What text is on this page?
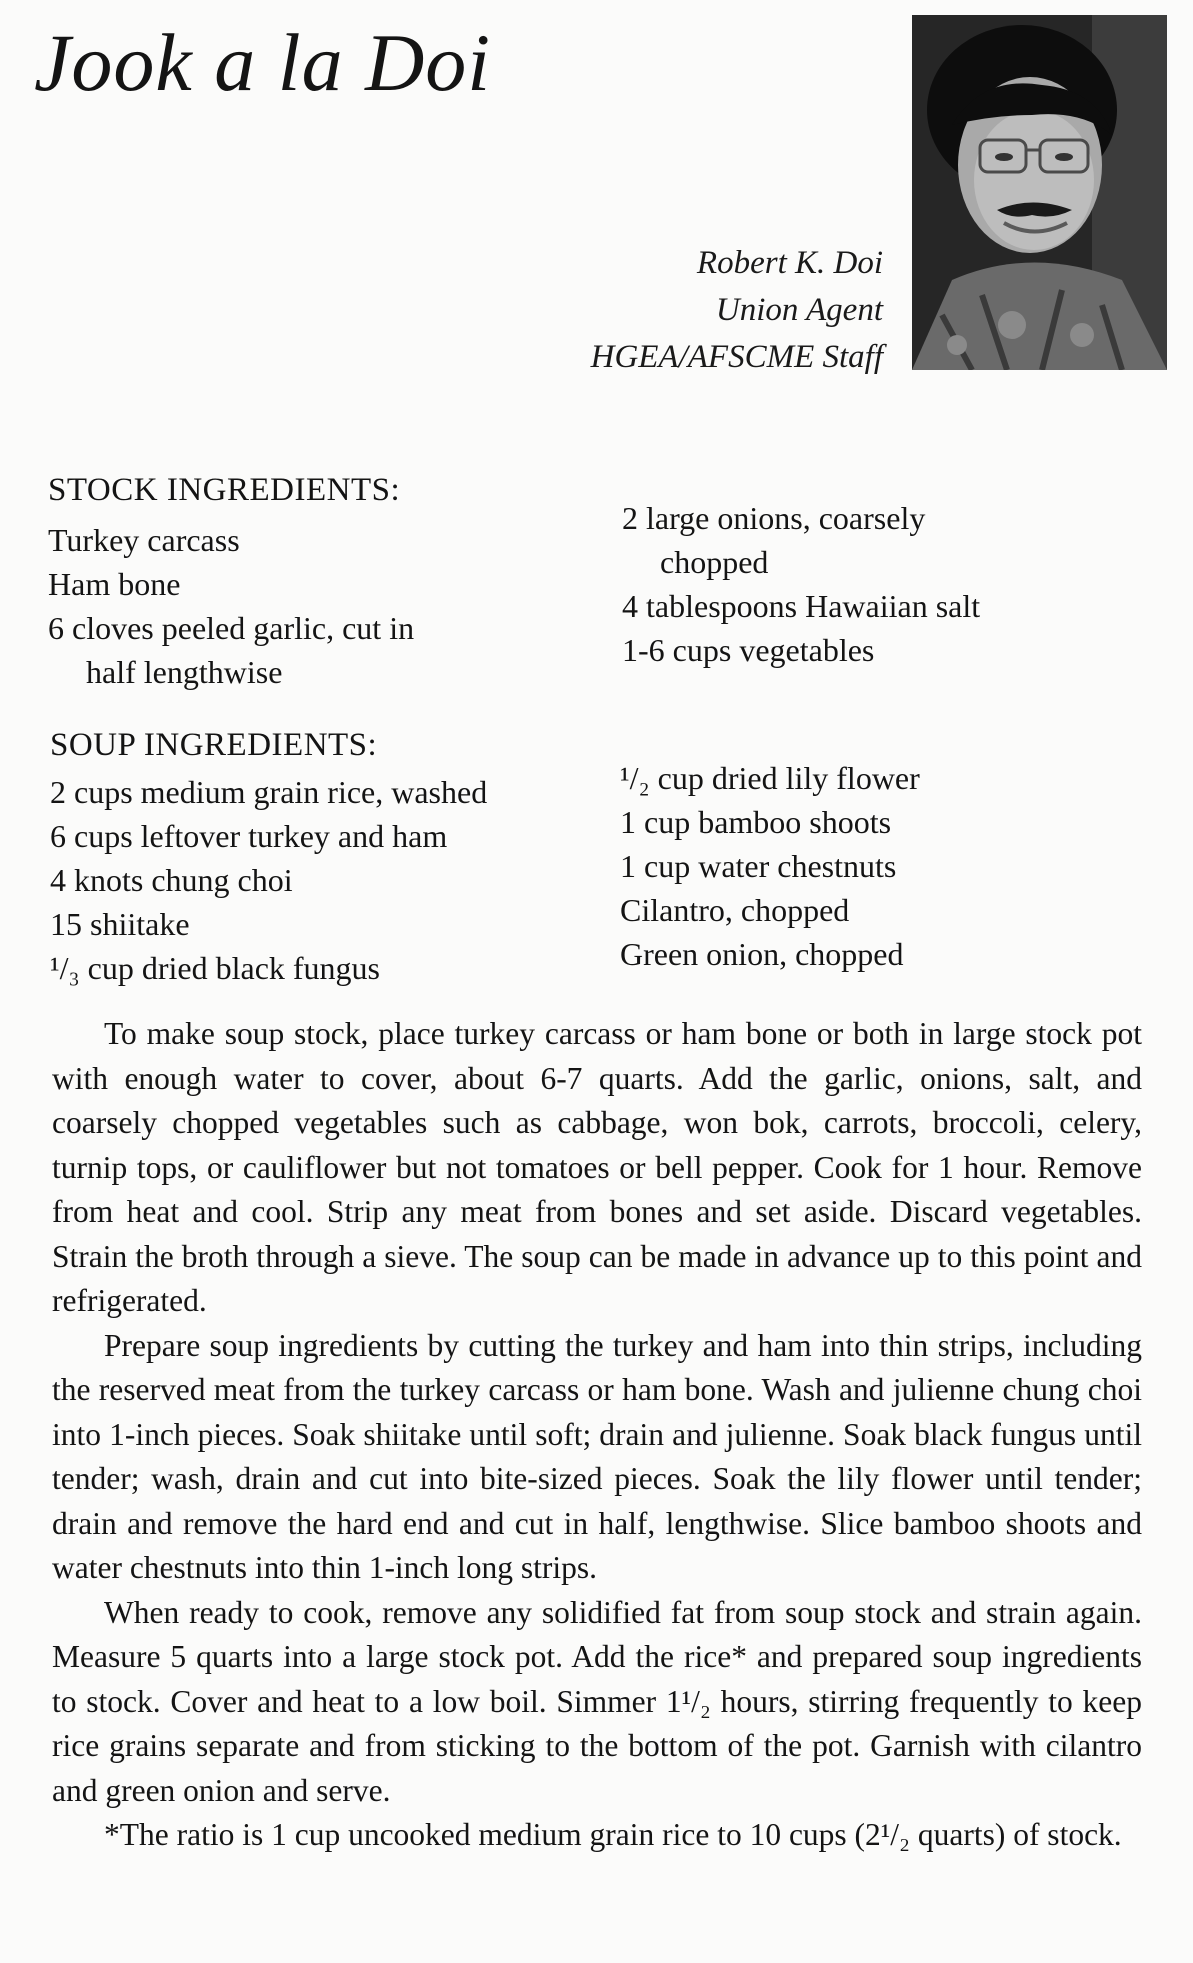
Jook a la Doi
Robert K. Doi
Union Agent
HGEA/AFSCME Staff
STOCK INGREDIENTS:
Turkey carcass
Ham bone
6 cloves peeled garlic, cut in
half lengthwise
2 large onions, coarsely
chopped
4 tablespoons Hawaiian salt
1-6 cups vegetables
SOUP INGREDIENTS:
2 cups medium grain rice, washed
6 cups leftover turkey and ham
4 knots chung choi
15 shiitake
¹/₃ cup dried black fungus
¹/₂ cup dried lily flower
1 cup bamboo shoots
1 cup water chestnuts
Cilantro, chopped
Green onion, chopped

To make soup stock, place turkey carcass or ham bone or both in large stock pot with enough water to cover, about 6-7 quarts. Add the garlic, onions, salt, and coarsely chopped vegetables such as cabbage, won bok, carrots, broccoli, celery, turnip tops, or cauliflower but not tomatoes or bell pepper. Cook for 1 hour. Remove from heat and cool. Strip any meat from bones and set aside. Discard vegetables. Strain the broth through a sieve. The soup can be made in advance up to this point and refrigerated.

Prepare soup ingredients by cutting the turkey and ham into thin strips, including the reserved meat from the turkey carcass or ham bone. Wash and julienne chung choi into 1-inch pieces. Soak shiitake until soft; drain and julienne. Soak black fungus until tender; wash, drain and cut into bite-sized pieces. Soak the lily flower until tender; drain and remove the hard end and cut in half, lengthwise. Slice bamboo shoots and water chestnuts into thin 1-inch long strips.

When ready to cook, remove any solidified fat from soup stock and strain again. Measure 5 quarts into a large stock pot. Add the rice* and prepared soup ingredients to stock. Cover and heat to a low boil. Simmer 1¹/₂ hours, stirring frequently to keep rice grains separate and from sticking to the bottom of the pot. Garnish with cilantro and green onion and serve.

*The ratio is 1 cup uncooked medium grain rice to 10 cups (2¹/₂ quarts) of stock.
